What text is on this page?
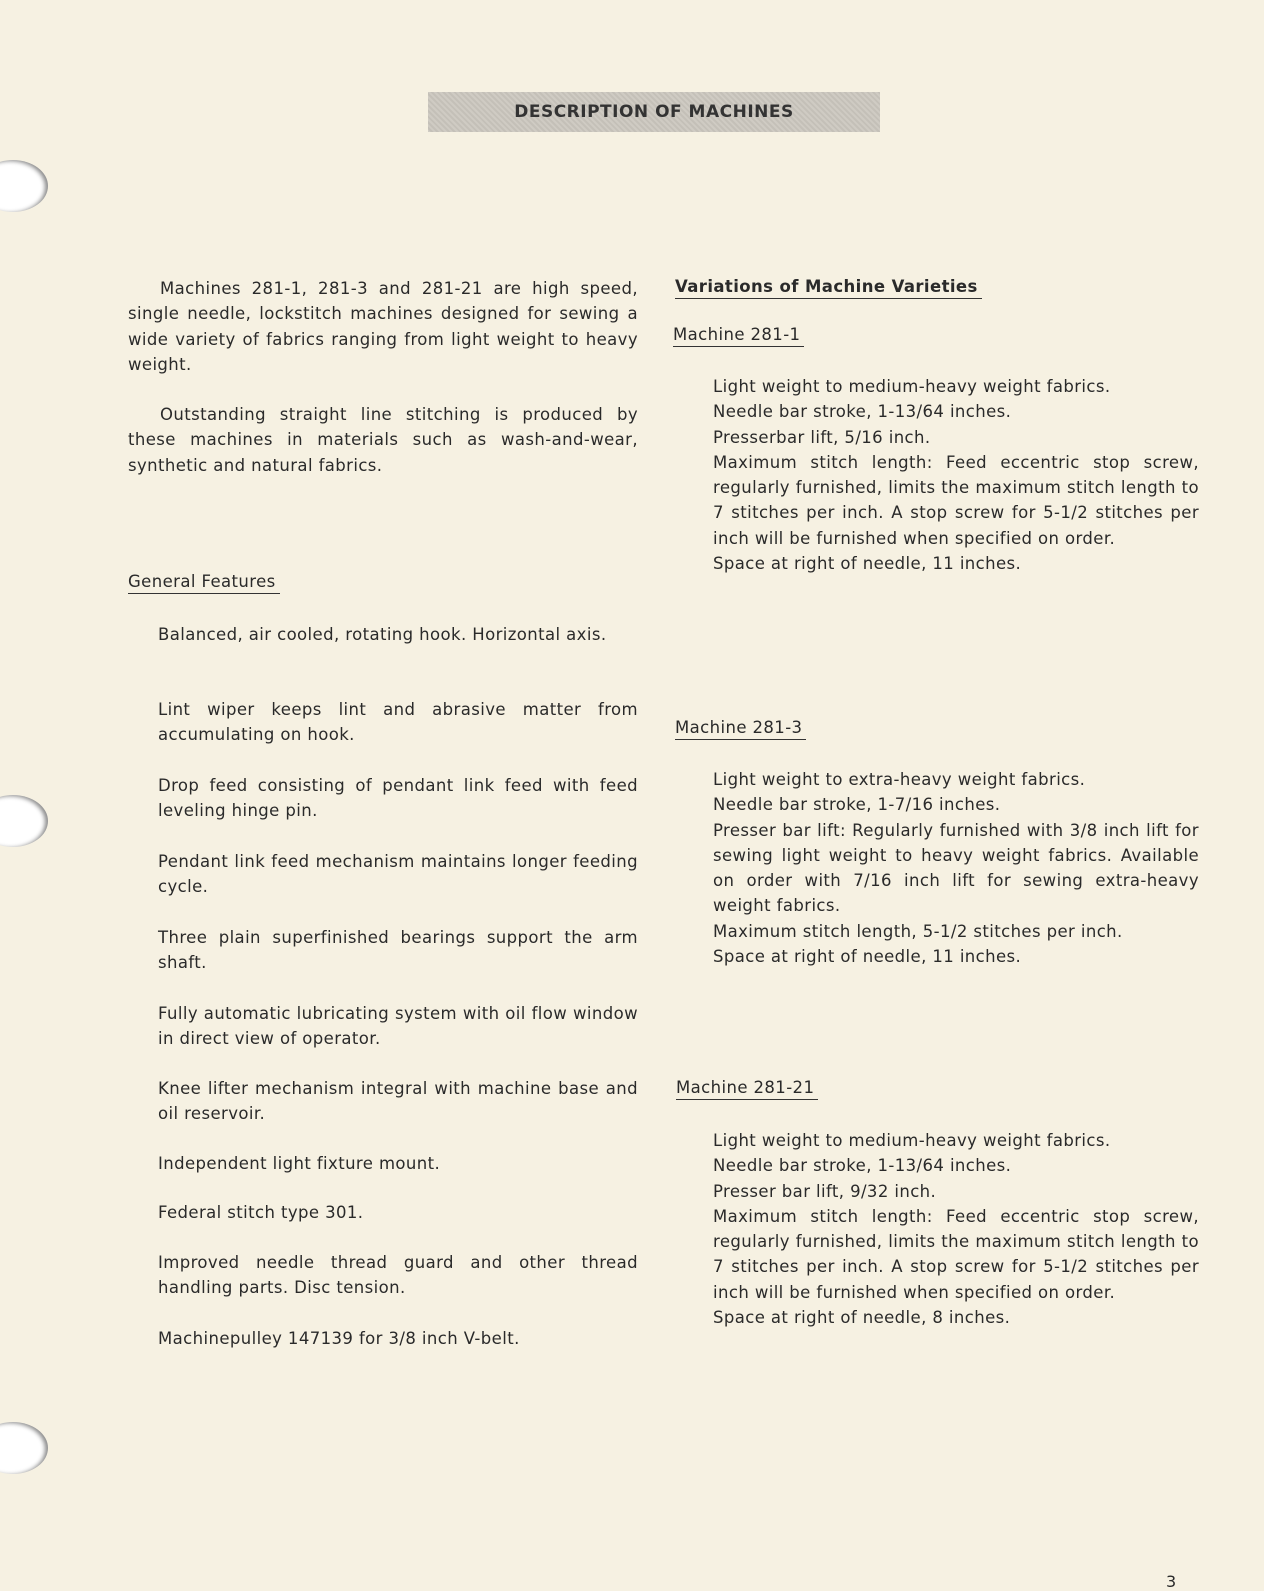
DESCRIPTION OF MACHINES

Machines 281-1, 281-3 and 281-21 are high speed, single needle, lockstitch machines designed for sewing a wide variety of fabrics ranging from light weight to heavy weight.

Outstanding straight line stitching is produced by these machines in materials such as wash-and-wear, synthetic and natural fabrics.

General Features

Balanced, air cooled, rotating hook. Horizontal axis.

Lint wiper keeps lint and abrasive matter from accumulating on hook.

Drop feed consisting of pendant link feed with feed leveling hinge pin.

Pendant link feed mechanism maintains longer feeding cycle.

Three plain superfinished bearings support the arm shaft.

Fully automatic lubricating system with oil flow window in direct view of operator.

Knee lifter mechanism integral with machine base and oil reservoir.

Independent light fixture mount.

Federal stitch type 301.

Improved needle thread guard and other thread handling parts. Disc tension.

Machinepulley 147139 for 3/8 inch V-belt.

Variations of Machine Varieties
Machine 281-1

Light weight to medium-heavy weight fabrics.

Needle bar stroke, 1-13/64 inches.

Presserbar lift, 5/16 inch.

Maximum stitch length: Feed eccentric stop screw, regularly furnished, limits the maximum stitch length to 7 stitches per inch. A stop screw for 5-1/2 stitches per inch will be furnished when specified on order.

Space at right of needle, 11 inches.

Machine 281-3

Light weight to extra-heavy weight fabrics.

Needle bar stroke, 1-7/16 inches.

Presser bar lift: Regularly furnished with 3/8 inch lift for sewing light weight to heavy weight fabrics. Available on order with 7/16 inch lift for sewing extra-heavy weight fabrics.

Maximum stitch length, 5-1/2 stitches per inch.

Space at right of needle, 11 inches.

Machine 281-21

Light weight to medium-heavy weight fabrics.

Needle bar stroke, 1-13/64 inches.

Presser bar lift, 9/32 inch.

Maximum stitch length: Feed eccentric stop screw, regularly furnished, limits the maximum stitch length to 7 stitches per inch. A stop screw for 5-1/2 stitches per inch will be furnished when specified on order.

Space at right of needle, 8 inches.

3
